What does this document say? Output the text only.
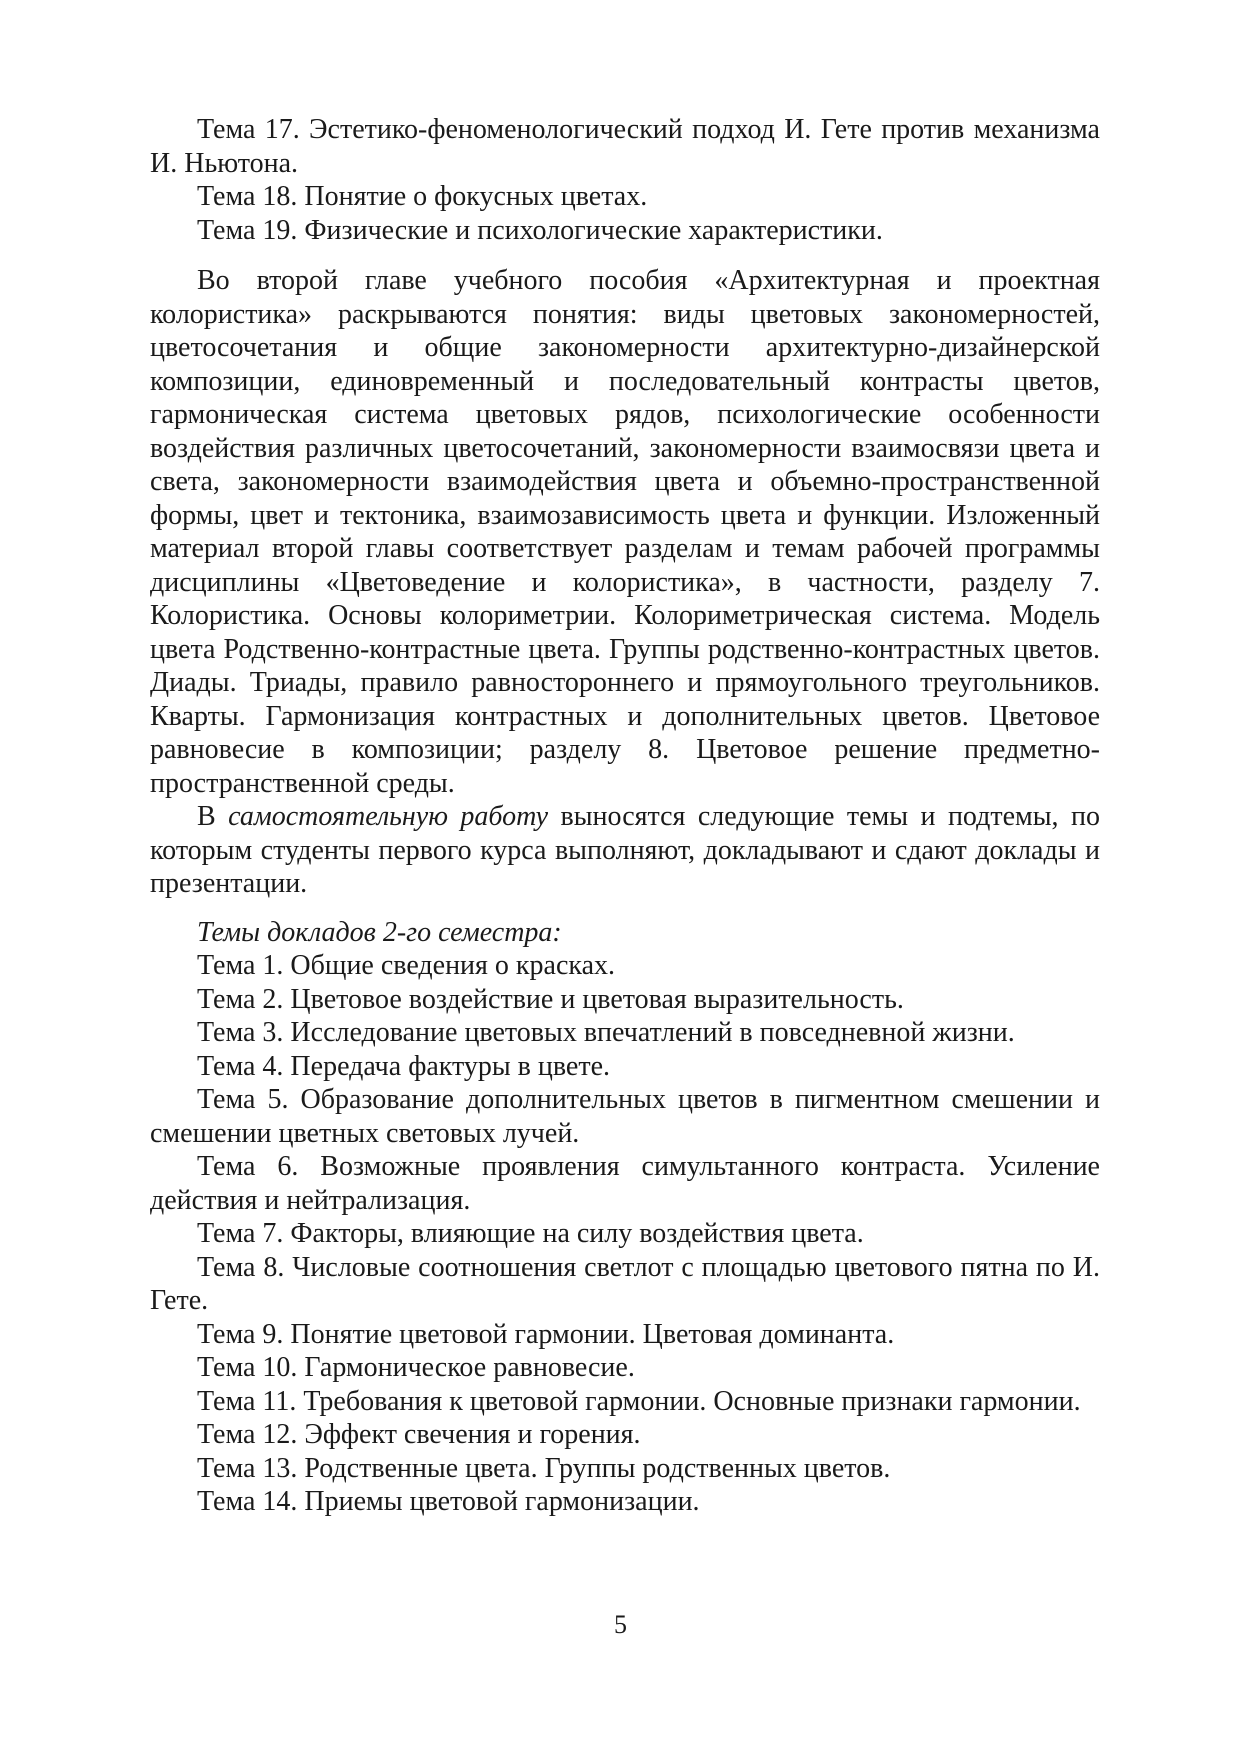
Тема 17. Эстетико-феноменологический подход И. Гете против механизма И. Ньютона.

Тема 18. Понятие о фокусных цветах.

Тема 19. Физические и психологические характеристики.

Во второй главе учебного пособия «Архитектурная и проектная колористика» раскрываются понятия: виды цветовых закономерностей, цветосочетания и общие закономерности архитектурно-дизайнерской композиции, единовременный и последовательный контрасты цветов, гармоническая система цветовых рядов, психологические особенности воздействия различных цветосочетаний, закономерности взаимосвязи цвета и света, закономерности взаимодействия цвета и объемно-пространственной формы, цвет и тектоника, взаимозависимость цвета и функции. Изложенный материал второй главы соответствует разделам и темам рабочей программы дисциплины «Цветоведение и колористика», в частности, разделу 7. Колористика. Основы колориметрии. Колориметрическая система. Модель цвета Родственно-контрастные цвета. Группы родственно-контрастных цветов. Диады. Триады, правило равностороннего и прямоугольного треугольников. Кварты. Гармонизация контрастных и дополнительных цветов. Цветовое равновесие в композиции; разделу 8. Цветовое решение предметно-пространственной среды.

В самостоятельную работу выносятся следующие темы и подтемы, по которым студенты первого курса выполняют, докладывают и сдают доклады и презентации.

Темы докладов 2-го семестра:

Тема 1. Общие сведения о красках.

Тема 2. Цветовое воздействие и цветовая выразительность.

Тема 3. Исследование цветовых впечатлений в повседневной жизни.

Тема 4. Передача фактуры в цвете.

Тема 5. Образование дополнительных цветов в пигментном смешении и смешении цветных световых лучей.

Тема 6. Возможные проявления симультанного контраста. Усиление действия и нейтрализация.

Тема 7. Факторы, влияющие на силу воздействия цвета.

Тема 8. Числовые соотношения светлот с площадью цветового пятна по И. Гете.

Тема 9. Понятие цветовой гармонии. Цветовая доминанта.

Тема 10. Гармоническое равновесие.

Тема 11. Требования к цветовой гармонии. Основные признаки гармонии.

Тема 12. Эффект свечения и горения.

Тема 13. Родственные цвета. Группы родственных цветов.

Тема 14. Приемы цветовой гармонизации.

5
